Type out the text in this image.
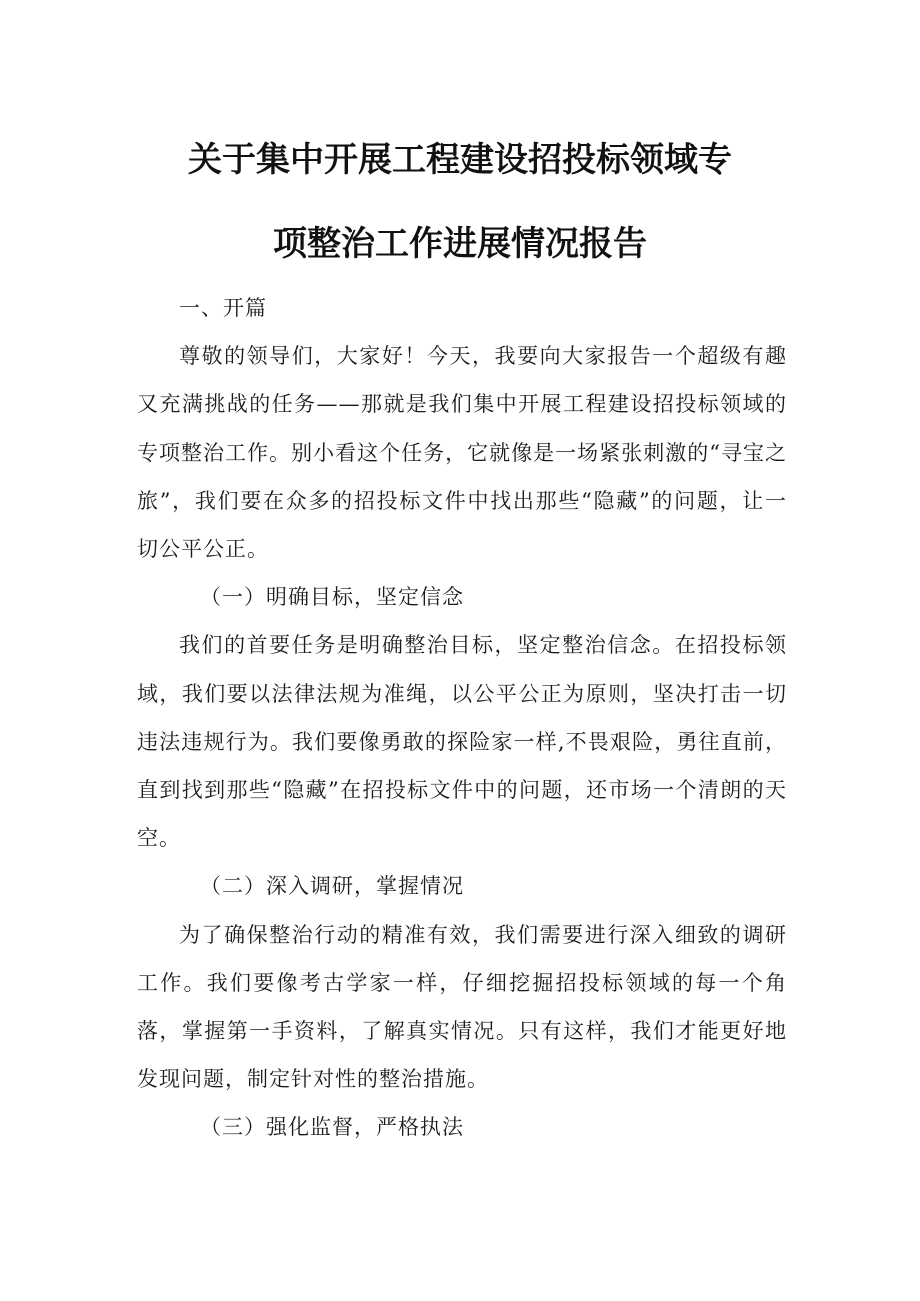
关于集中开展工程建设招投标领域专
项整治工作进展情况报告

一、开篇

尊敬的领导们，大家好！今天，我要向大家报告一个超级有趣又充满挑战的任务——那就是我们集中开展工程建设招投标领域的专项整治工作。别小看这个任务，它就像是一场紧张刺激的“寻宝之旅”，我们要在众多的招投标文件中找出那些“隐藏”的问题，让一切公平公正。

（一）明确目标，坚定信念

我们的首要任务是明确整治目标，坚定整治信念。在招投标领域，我们要以法律法规为准绳，以公平公正为原则，坚决打击一切违法违规行为。我们要像勇敢的探险家一样,不畏艰险，勇往直前，直到找到那些“隐藏”在招投标文件中的问题，还市场一个清朗的天空。

（二）深入调研，掌握情况

为了确保整治行动的精准有效，我们需要进行深入细致的调研工作。我们要像考古学家一样，仔细挖掘招投标领域的每一个角落，掌握第一手资料，了解真实情况。只有这样，我们才能更好地发现问题，制定针对性的整治措施。

（三）强化监督，严格执法
